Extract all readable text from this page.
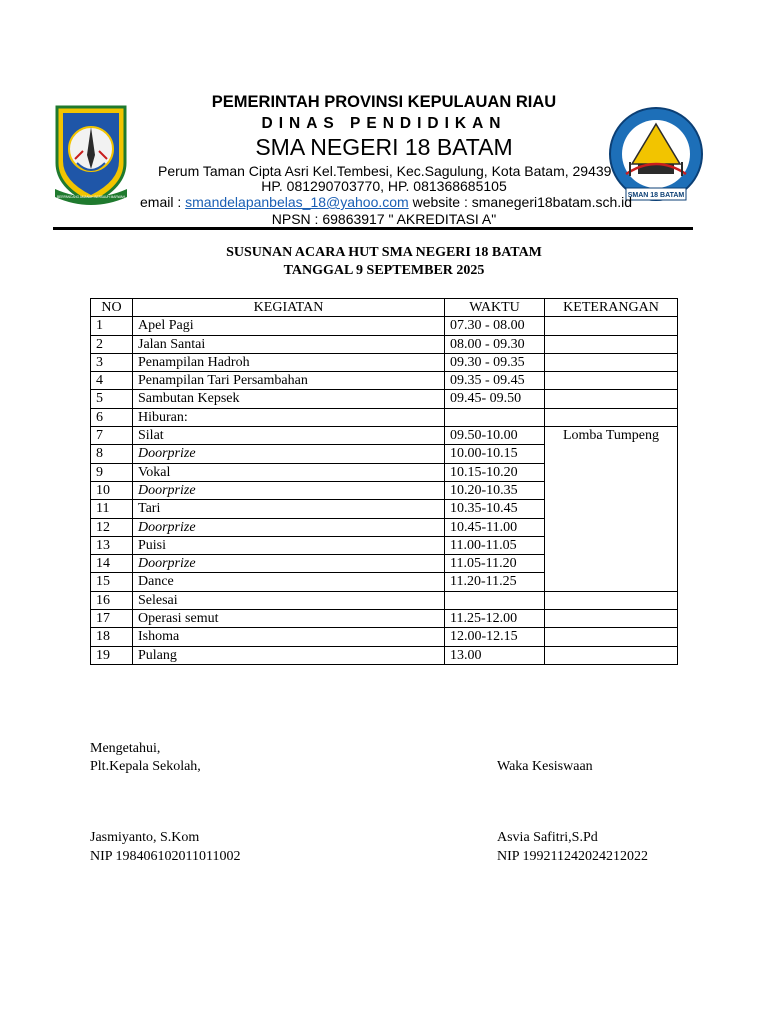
BERPANCANG AMANAH BERSAUH MARWAH	SMAN 18 BATAM
PEMERINTAH PROVINSI KEPULAUAN RIAU
DINAS PENDIDIKAN
SMA NEGERI 18 BATAM
Perum Taman Cipta Asri Kel.Tembesi, Kec.Sagulung, Kota Batam, 29439
HP. 081290703770, HP. 081368685105
email : smandelapanbelas_18@yahoo.com website : smanegeri18batam.sch.id
NPSN : 69863917 " AKREDITASI A"
SUSUNAN ACARA HUT SMA NEGERI 18 BATAM
TANGGAL 9 SEPTEMBER 2025
NO	KEGIATAN	WAKTU	KETERANGAN
1	Apel Pagi	07.30 - 08.00	
2	Jalan Santai	08.00 - 09.30	
3	Penampilan Hadroh	09.30 - 09.35	
4	Penampilan Tari Persambahan	09.35 - 09.45	
5	Sambutan Kepsek	09.45- 09.50	
6	Hiburan:		
7	Silat	09.50-10.00	Lomba Tumpeng
8	Doorprize	10.00-10.15	
9	Vokal	10.15-10.20	
10	Doorprize	10.20-10.35	
11	Tari	10.35-10.45	
12	Doorprize	10.45-11.00	
13	Puisi	11.00-11.05	
14	Doorprize	11.05-11.20	
15	Dance	11.20-11.25	
16	Selesai		
17	Operasi semut	11.25-12.00	
18	Ishoma	12.00-12.15	
19	Pulang	13.00	
Mengetahui,
Plt.Kepala Sekolah,	Waka Kesiswaan
Jasmiyanto, S.Kom
NIP 198406102011011002
Asvia Safitri,S.Pd
NIP 199211242024212022
